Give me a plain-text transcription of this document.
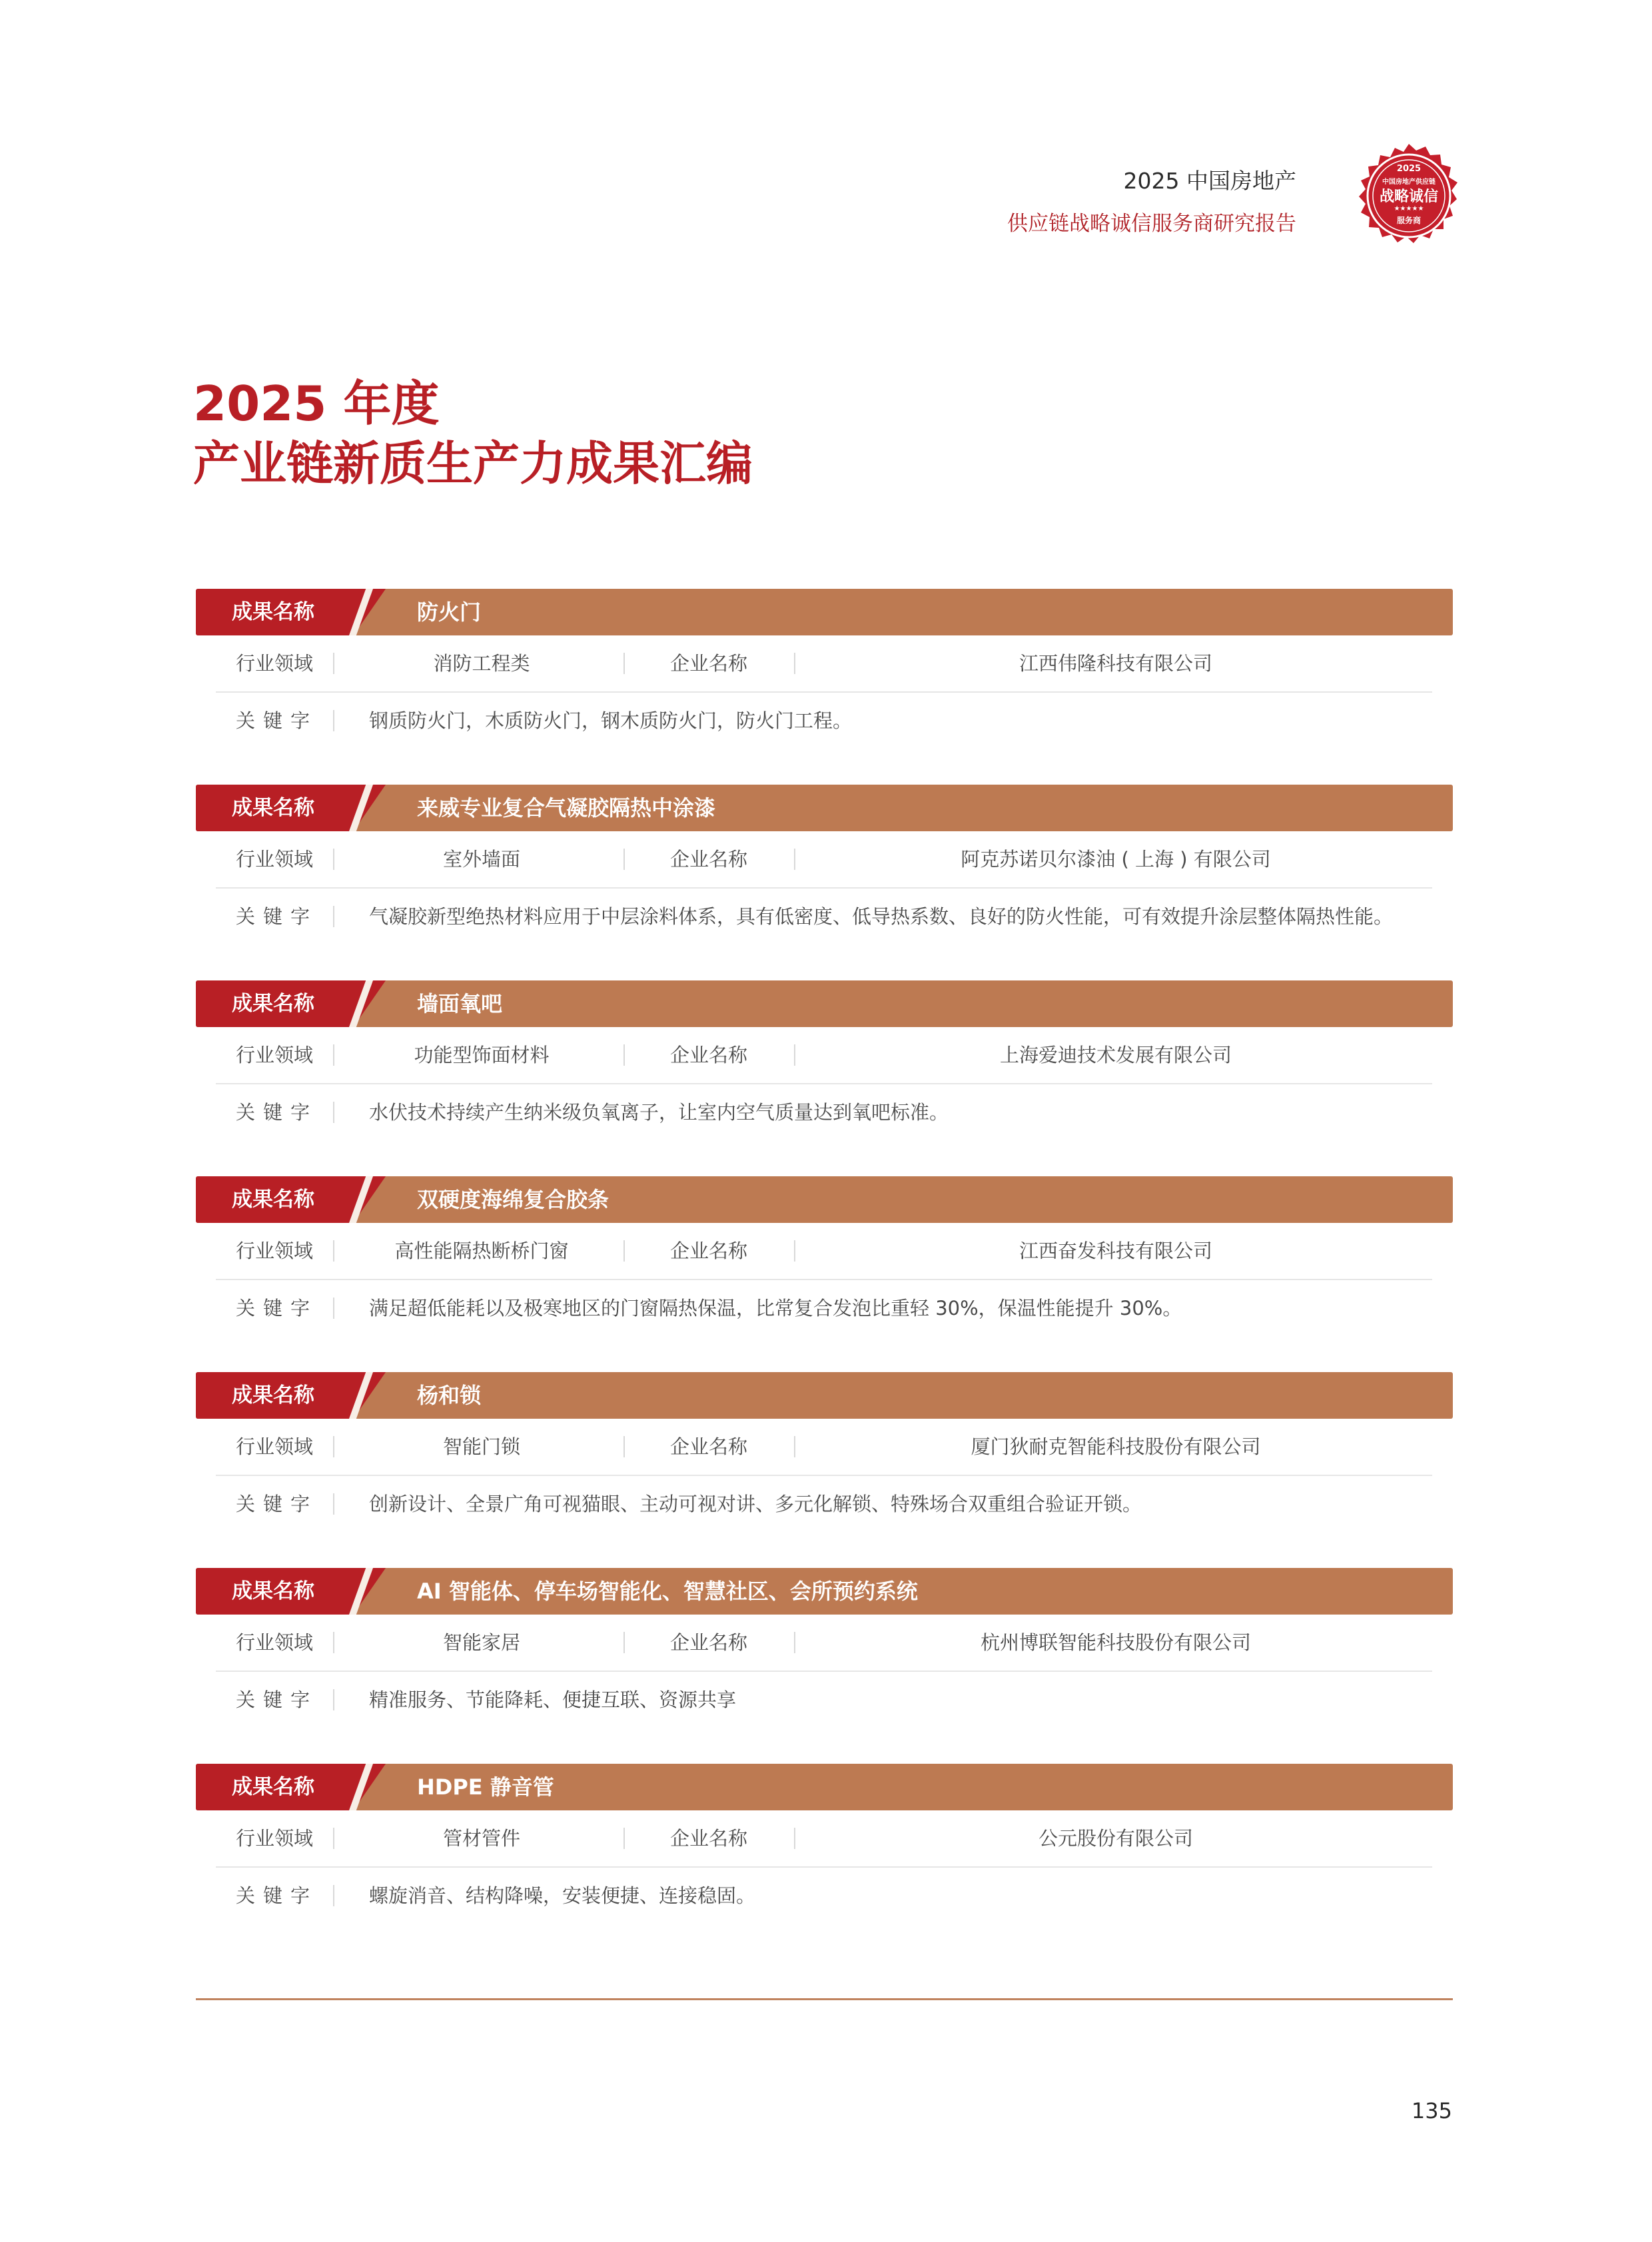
2025 中国房地产
供应链战略诚信服务商研究报告
2025
中国房地产供应链
战略诚信
★★★★★
服务商
2025 年度
产业链新质生产力成果汇编
成果名称	防火门
行业领域	消防工程类	企业名称	江西伟隆科技有限公司
关键字	钢质防火门，木质防火门，钢木质防火门，防火门工程。
成果名称	来威专业复合气凝胶隔热中涂漆
行业领域	室外墙面	企业名称	阿克苏诺贝尔漆油 ( 上海 ) 有限公司
关键字	气凝胶新型绝热材料应用于中层涂料体系，具有低密度、低导热系数、良好的防火性能，可有效提升涂层整体隔热性能。
成果名称	墙面氧吧
行业领域	功能型饰面材料	企业名称	上海爱迪技术发展有限公司
关键字	水伏技术持续产生纳米级负氧离子，让室内空气质量达到氧吧标准。
成果名称	双硬度海绵复合胶条
行业领域	高性能隔热断桥门窗	企业名称	江西奋发科技有限公司
关键字	满足超低能耗以及极寒地区的门窗隔热保温，比常复合发泡比重轻 30%，保温性能提升 30%。
成果名称	杨和锁
行业领域	智能门锁	企业名称	厦门狄耐克智能科技股份有限公司
关键字	创新设计、全景广角可视猫眼、主动可视对讲、多元化解锁、特殊场合双重组合验证开锁。
成果名称	AI 智能体、停车场智能化、智慧社区、会所预约系统
行业领域	智能家居	企业名称	杭州博联智能科技股份有限公司
关键字	精准服务、节能降耗、便捷互联、资源共享
成果名称	HDPE 静音管
行业领域	管材管件	企业名称	公元股份有限公司
关键字	螺旋消音、结构降噪，安装便捷、连接稳固。
135
